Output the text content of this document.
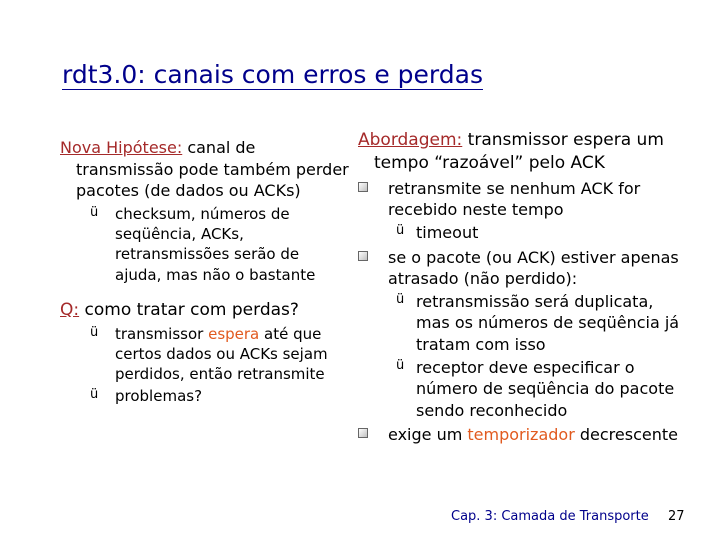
rdt3.0: canais com erros e perdas

Nova Hipótese: canal de transmissão pode também perder pacotes (de dados ou ACKs)

ü checksum, números de seqüência, ACKs, retransmissões serão de ajuda, mas não o bastante

Q: como tratar com perdas?

ü transmissor espera até que certos dados ou ACKs sejam perdidos, então retransmite
ü problemas?

Abordagem: transmissor espera um tempo “razoável” pelo ACK

retransmite se nenhum ACK for recebido neste tempo
ü timeout
se o pacote (ou ACK) estiver apenas atrasado (não perdido):
ü retransmissão será duplicata, mas os números de seqüência já tratam com isso
ü receptor deve especificar o número de seqüência do pacote sendo reconhecido
exige um temporizador decrescente
Cap. 3: Camada de Transporte 27
